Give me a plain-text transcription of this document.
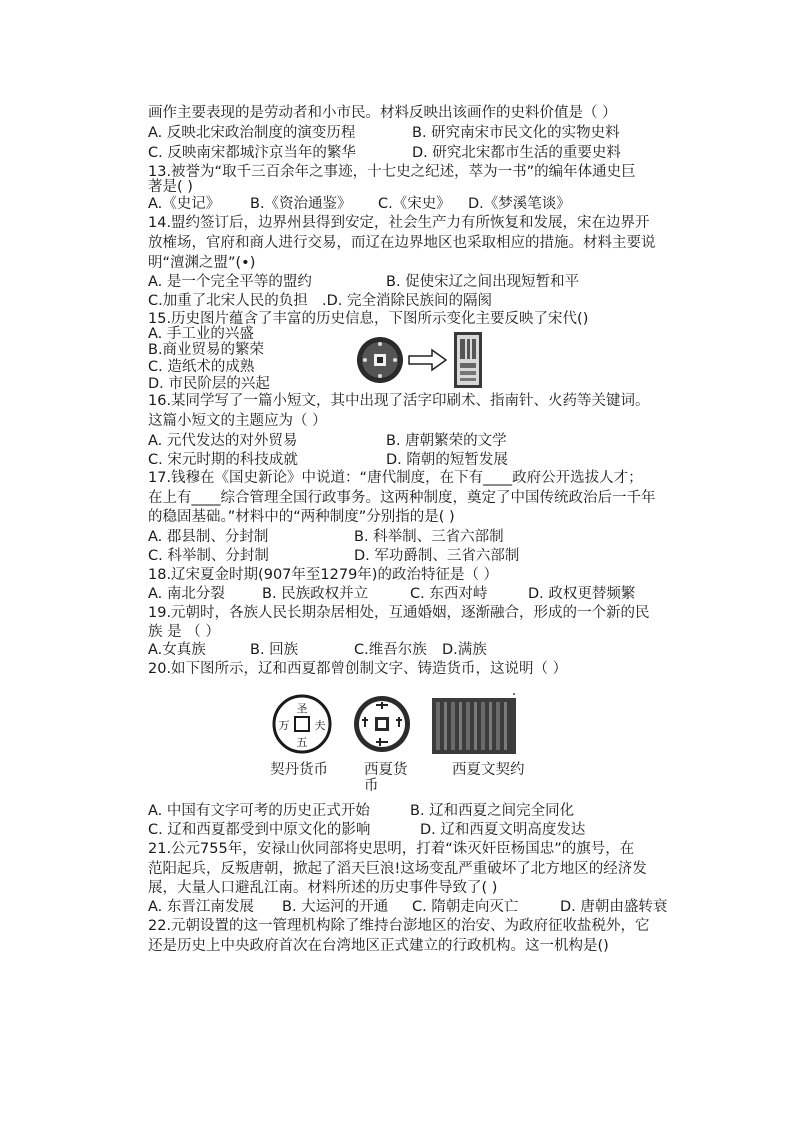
画作主要表现的是劳动者和小市民。材料反映出该画作的史料价值是（ ）
A. 反映北宋政治制度的演变历程	B. 研究南宋市民文化的实物史料
C. 反映南宋都城汴京当年的繁华	D. 研究北宋都市生活的重要史料
13.被誉为“取千三百余年之事迹，十七史之纪述，萃为一书”的编年体通史巨
著是( )
A.《史记》 B.《资治通鉴》 C.《宋史》 D.《梦溪笔谈》
14.盟约签订后，边界州县得到安定，社会生产力有所恢复和发展，宋在边界开
放榷场，官府和商人进行交易，而辽在边界地区也采取相应的措施。材料主要说
明“澶渊之盟”(•)
A. 是一个完全平等的盟约	B. 促使宋辽之间出现短暂和平
C.加重了北宋人民的负担 .D. 完全消除民族间的隔阂
15.历史图片蕴含了丰富的历史信息，下图所示变化主要反映了宋代()
A. 手工业的兴盛
B.商业贸易的繁荣
C. 造纸术的成熟
D. 市民阶层的兴起
16.某同学写了一篇小短文，其中出现了活字印刷术、指南针、火药等关键词。
这篇小短文的主题应为（ ）
A. 元代发达的对外贸易	B. 唐朝繁荣的文学
C. 宋元时期的科技成就	D. 隋朝的短暂发展
17.钱穆在《国史新论》中说道：“唐代制度，在下有____政府公开选拔人才；
在上有____综合管理全国行政事务。这两种制度，奠定了中国传统政治后一千年
的稳固基础。”材料中的“两种制度”分别指的是( )
A. 郡县制、分封制	B. 科举制、三省六部制
C. 科举制、分封制	D. 军功爵制、三省六部制
18.辽宋夏金时期(907年至1279年)的政治特征是（ ）
A. 南北分裂	B. 民族政权并立	C. 东西对峙	D. 政权更替频繁
19.元朝时，各族人民长期杂居相处，互通婚姻，逐渐融合，形成的一个新的民
族 是 （ ）
A.女真族	B. 回族	C.维吾尔族 D.满族
20.如下图所示，辽和西夏都曾创制文字、铸造货币，这说明（ ）
圣
夫
五
万
契丹货币 西夏货
币
西夏文契约
A. 中国有文字可考的历史正式开始	B. 辽和西夏之间完全同化
C. 辽和西夏都受到中原文化的影响	D. 辽和西夏文明高度发达
21.公元755年，安禄山伙同部将史思明，打着“诛灭奸臣杨国忠”的旗号，在
范阳起兵，反叛唐朝，掀起了滔天巨浪!这场变乱严重破坏了北方地区的经济发
展，大量人口避乱江南。材料所述的历史事件导致了( )
A. 东晋江南发展 B. 大运河的开通 C. 隋朝走向灭亡	D. 唐朝由盛转衰
22.元朝设置的这一管理机构除了维持台澎地区的治安、为政府征收盐税外，它
还是历史上中央政府首次在台湾地区正式建立的行政机构。这一机构是()
